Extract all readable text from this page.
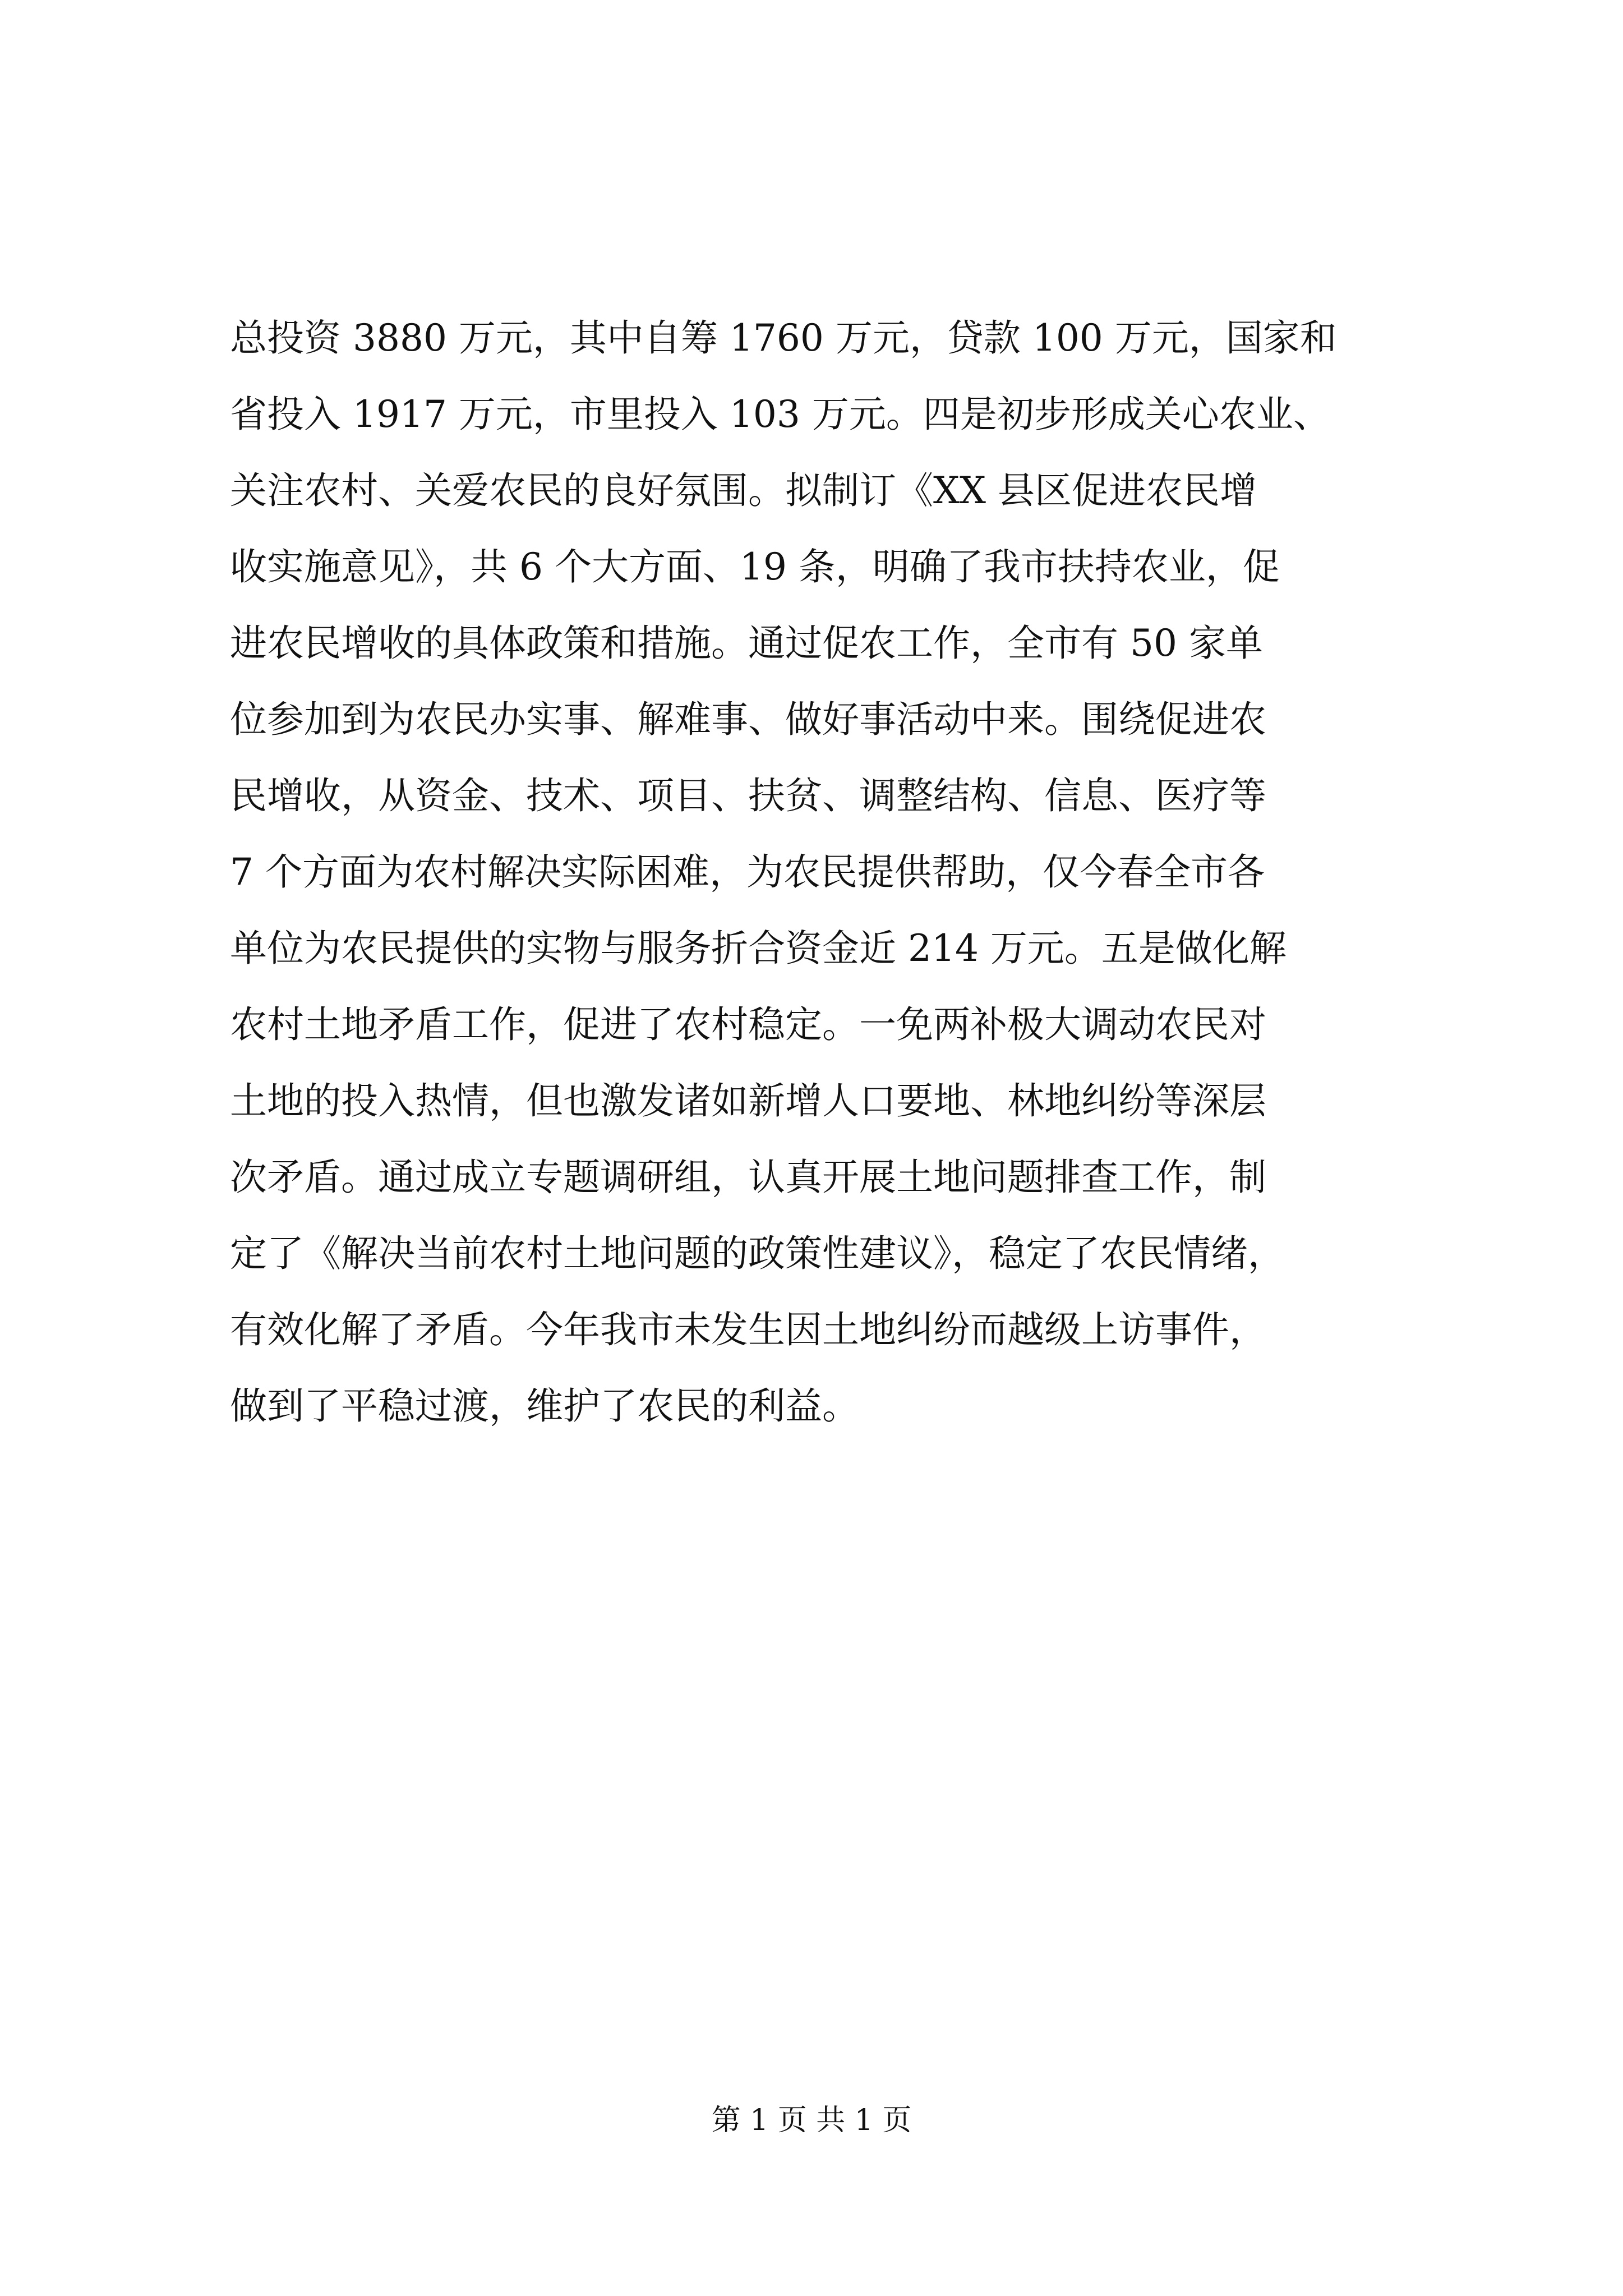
总投资 3880 万元，其中自筹 1760 万元，贷款 100 万元，国家和
省投入 1917 万元，市里投入 103 万元。四是初步形成关心农业、
关注农村、关爱农民的良好氛围。拟制订《XX 县区促进农民增
收实施意见》，共 6 个大方面、19 条，明确了我市扶持农业，促
进农民增收的具体政策和措施。通过促农工作，全市有 50 家单
位参加到为农民办实事、解难事、做好事活动中来。围绕促进农
民增收，从资金、技术、项目、扶贫、调整结构、信息、医疗等
7 个方面为农村解决实际困难，为农民提供帮助，仅今春全市各
单位为农民提供的实物与服务折合资金近 214 万元。五是做化解
农村土地矛盾工作，促进了农村稳定。一免两补极大调动农民对
土地的投入热情，但也激发诸如新增人口要地、林地纠纷等深层
次矛盾。通过成立专题调研组，认真开展土地问题排查工作，制
定了《解决当前农村土地问题的政策性建议》，稳定了农民情绪，
有效化解了矛盾。今年我市未发生因土地纠纷而越级上访事件，
做到了平稳过渡，维护了农民的利益。
第 1 页 共 1 页
